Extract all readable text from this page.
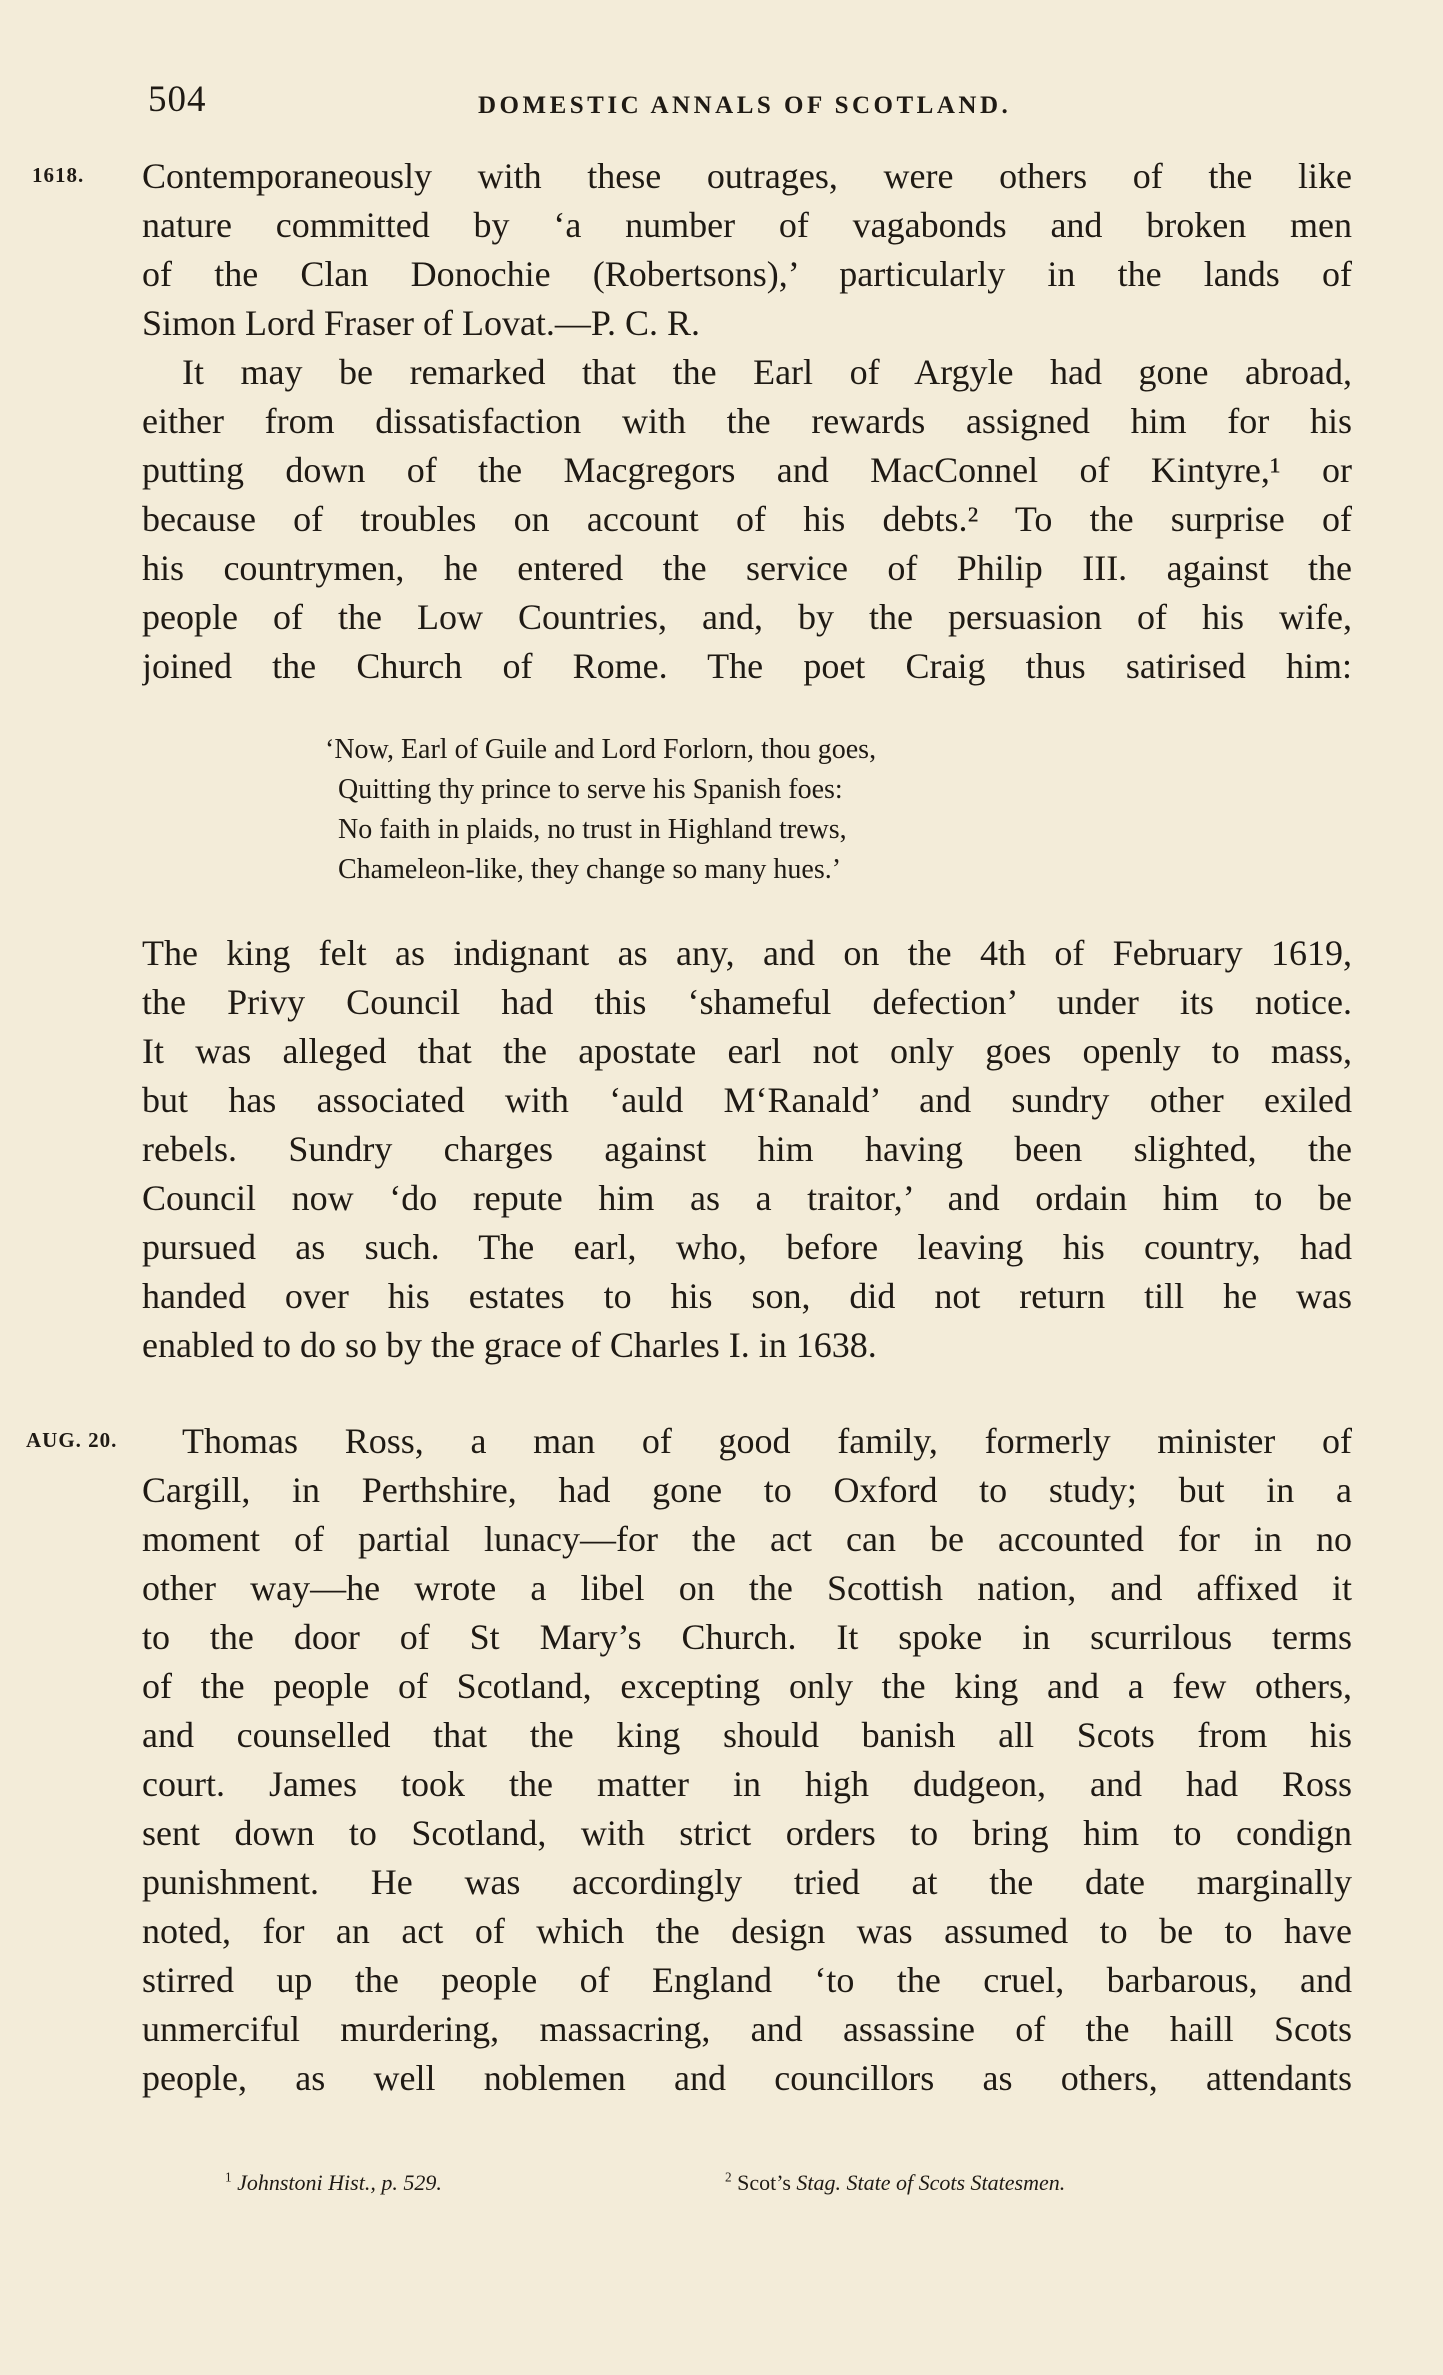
504	DOMESTIC ANNALS OF SCOTLAND.
1618. Contemporaneously with these outrages, were others of the like
nature committed by ‘a number of vagabonds and broken men
of the Clan Donochie (Robertsons),’ particularly in the lands of
Simon Lord Fraser of Lovat.—P. C. R.
It may be remarked that the Earl of Argyle had gone abroad,
either from dissatisfaction with the rewards assigned him for his
putting down of the Macgregors and MacConnel of Kintyre,¹ or
because of troubles on account of his debts.² To the surprise of
his countrymen, he entered the service of Philip III. against the
people of the Low Countries, and, by the persuasion of his wife,
joined the Church of Rome. The poet Craig thus satirised him:
‘Now, Earl of Guile and Lord Forlorn, thou goes,
Quitting thy prince to serve his Spanish foes:
No faith in plaids, no trust in Highland trews,
Chameleon-like, they change so many hues.’
The king felt as indignant as any, and on the 4th of February 1619,
the Privy Council had this ‘shameful defection’ under its notice.
It was alleged that the apostate earl not only goes openly to mass,
but has associated with ‘auld M‘Ranald’ and sundry other exiled
rebels. Sundry charges against him having been slighted, the
Council now ‘do repute him as a traitor,’ and ordain him to be
pursued as such. The earl, who, before leaving his country, had
handed over his estates to his son, did not return till he was
enabled to do so by the grace of Charles I. in 1638.
AUG. 20.	Thomas Ross, a man of good family, formerly minister of
Cargill, in Perthshire, had gone to Oxford to study; but in a
moment of partial lunacy—for the act can be accounted for in no
other way—he wrote a libel on the Scottish nation, and affixed it
to the door of St Mary’s Church. It spoke in scurrilous terms
of the people of Scotland, excepting only the king and a few others,
and counselled that the king should banish all Scots from his
court. James took the matter in high dudgeon, and had Ross
sent down to Scotland, with strict orders to bring him to condign
punishment. He was accordingly tried at the date marginally
noted, for an act of which the design was assumed to be to have
stirred up the people of England ‘to the cruel, barbarous, and
unmerciful murdering, massacring, and assassine of the haill Scots
people, as well noblemen and councillors as others, attendants
$^1$ Johnstoni Hist., p. 529.	$^2$ Scot’s Stag. State of Scots Statesmen.
